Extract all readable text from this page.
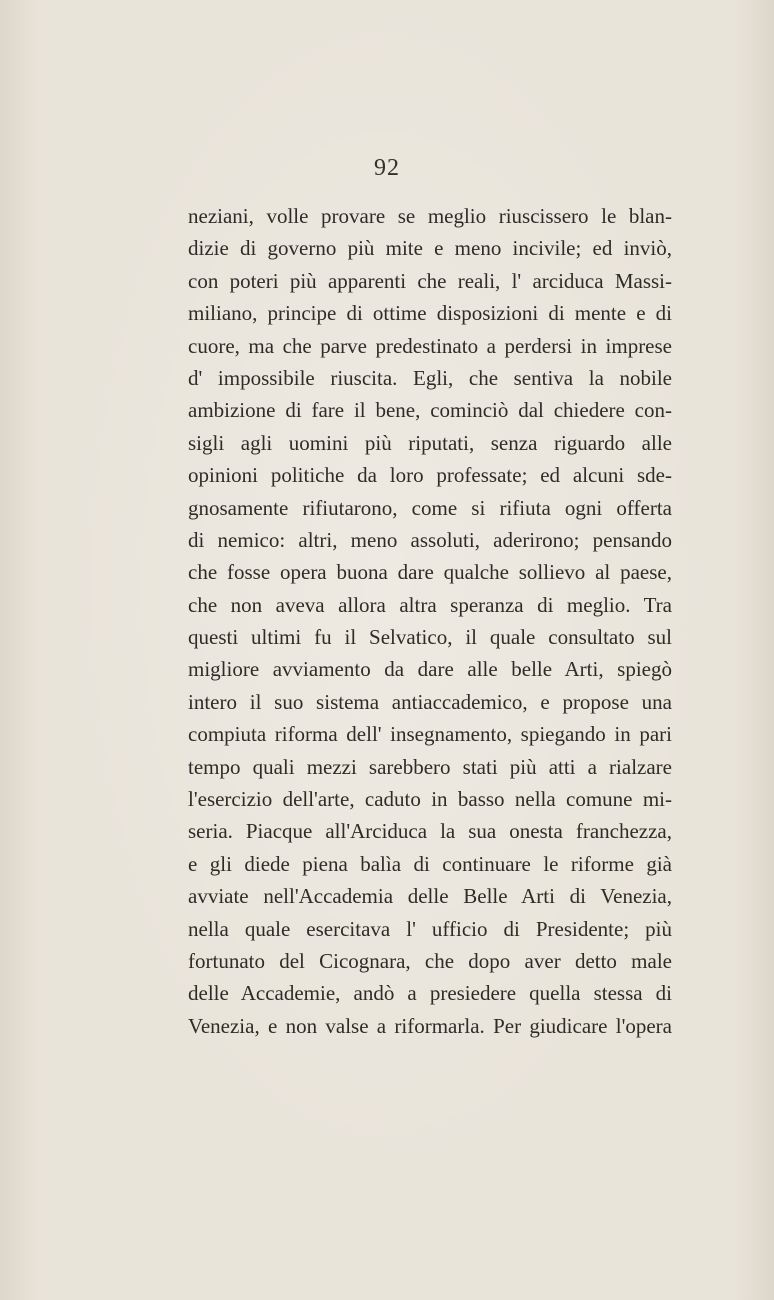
92
neziani, volle provare se meglio riuscissero le blan-
dizie di governo più mite e meno incivile; ed inviò,
con poteri più apparenti che reali, l' arciduca Massi-
miliano, principe di ottime disposizioni di mente e di
cuore, ma che parve predestinato a perdersi in imprese
d' impossibile riuscita. Egli, che sentiva la nobile
ambizione di fare il bene, cominciò dal chiedere con-
sigli agli uomini più riputati, senza riguardo alle
opinioni politiche da loro professate; ed alcuni sde-
gnosamente rifiutarono, come si rifiuta ogni offerta
di nemico: altri, meno assoluti, aderirono; pensando
che fosse opera buona dare qualche sollievo al paese,
che non aveva allora altra speranza di meglio. Tra
questi ultimi fu il Selvatico, il quale consultato sul
migliore avviamento da dare alle belle Arti, spiegò
intero il suo sistema antiaccademico, e propose una
compiuta riforma dell' insegnamento, spiegando in pari
tempo quali mezzi sarebbero stati più atti a rialzare
l'esercizio dell'arte, caduto in basso nella comune mi-
seria. Piacque all'Arciduca la sua onesta franchezza,
e gli diede piena balìa di continuare le riforme già
avviate nell'Accademia delle Belle Arti di Venezia,
nella quale esercitava l' ufficio di Presidente; più
fortunato del Cicognara, che dopo aver detto male
delle Accademie, andò a presiedere quella stessa di
Venezia, e non valse a riformarla. Per giudicare l'opera
